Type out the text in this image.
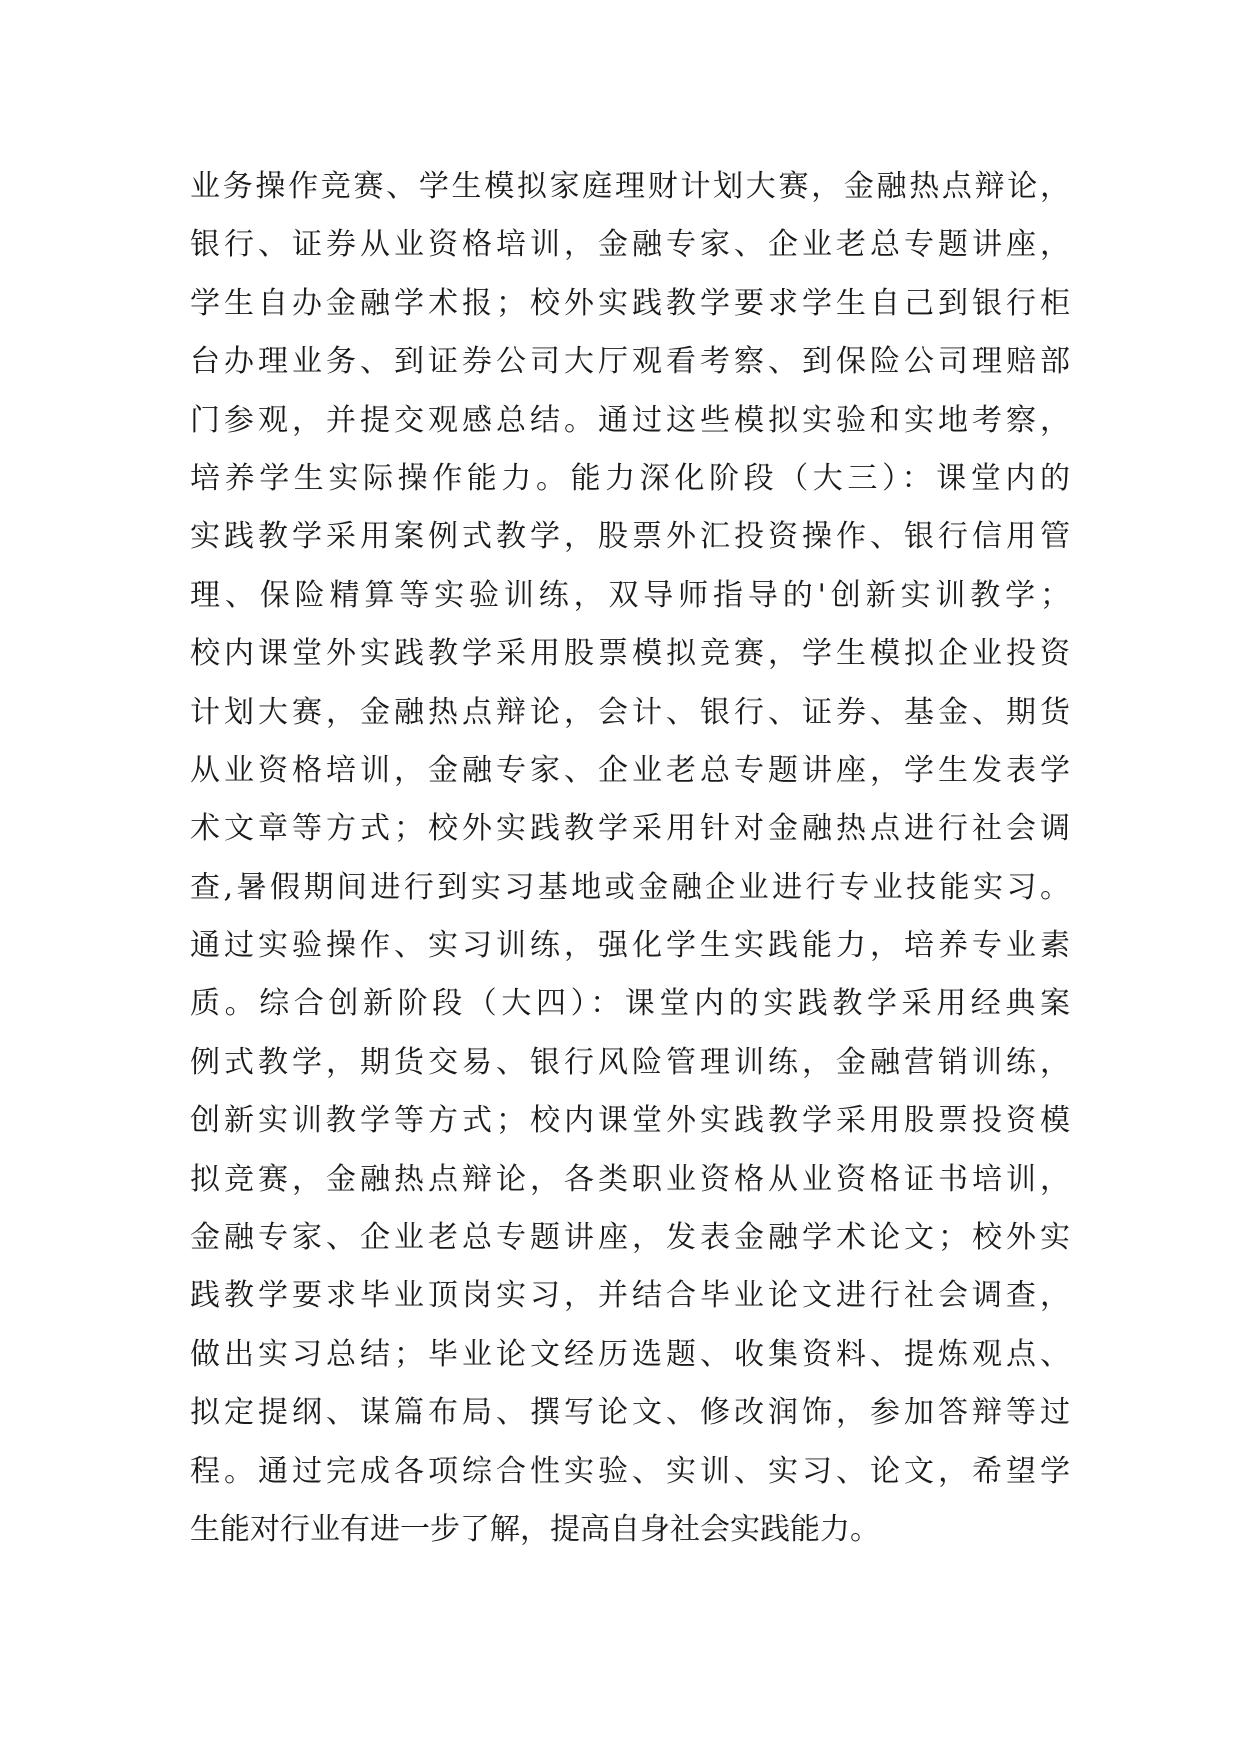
业务操作竞赛、学生模拟家庭理财计划大赛，金融热点辩论，
银行、证券从业资格培训，金融专家、企业老总专题讲座，
学生自办金融学术报；校外实践教学要求学生自己到银行柜
台办理业务、到证券公司大厅观看考察、到保险公司理赔部
门参观，并提交观感总结。通过这些模拟实验和实地考察，
培养学生实际操作能力。能力深化阶段（大三）：课堂内的
实践教学采用案例式教学，股票外汇投资操作、银行信用管
理、保险精算等实验训练，双导师指导的'创新实训教学；
校内课堂外实践教学采用股票模拟竞赛，学生模拟企业投资
计划大赛，金融热点辩论，会计、银行、证券、基金、期货
从业资格培训，金融专家、企业老总专题讲座，学生发表学
术文章等方式；校外实践教学采用针对金融热点进行社会调
查,暑假期间进行到实习基地或金融企业进行专业技能实习。
通过实验操作、实习训练，强化学生实践能力，培养专业素
质。综合创新阶段（大四）：课堂内的实践教学采用经典案
例式教学，期货交易、银行风险管理训练，金融营销训练，
创新实训教学等方式；校内课堂外实践教学采用股票投资模
拟竞赛，金融热点辩论，各类职业资格从业资格证书培训，
金融专家、企业老总专题讲座，发表金融学术论文；校外实
践教学要求毕业顶岗实习，并结合毕业论文进行社会调查，
做出实习总结；毕业论文经历选题、收集资料、提炼观点、
拟定提纲、谋篇布局、撰写论文、修改润饰，参加答辩等过
程。通过完成各项综合性实验、实训、实习、论文，希望学
生能对行业有进一步了解，提高自身社会实践能力。
